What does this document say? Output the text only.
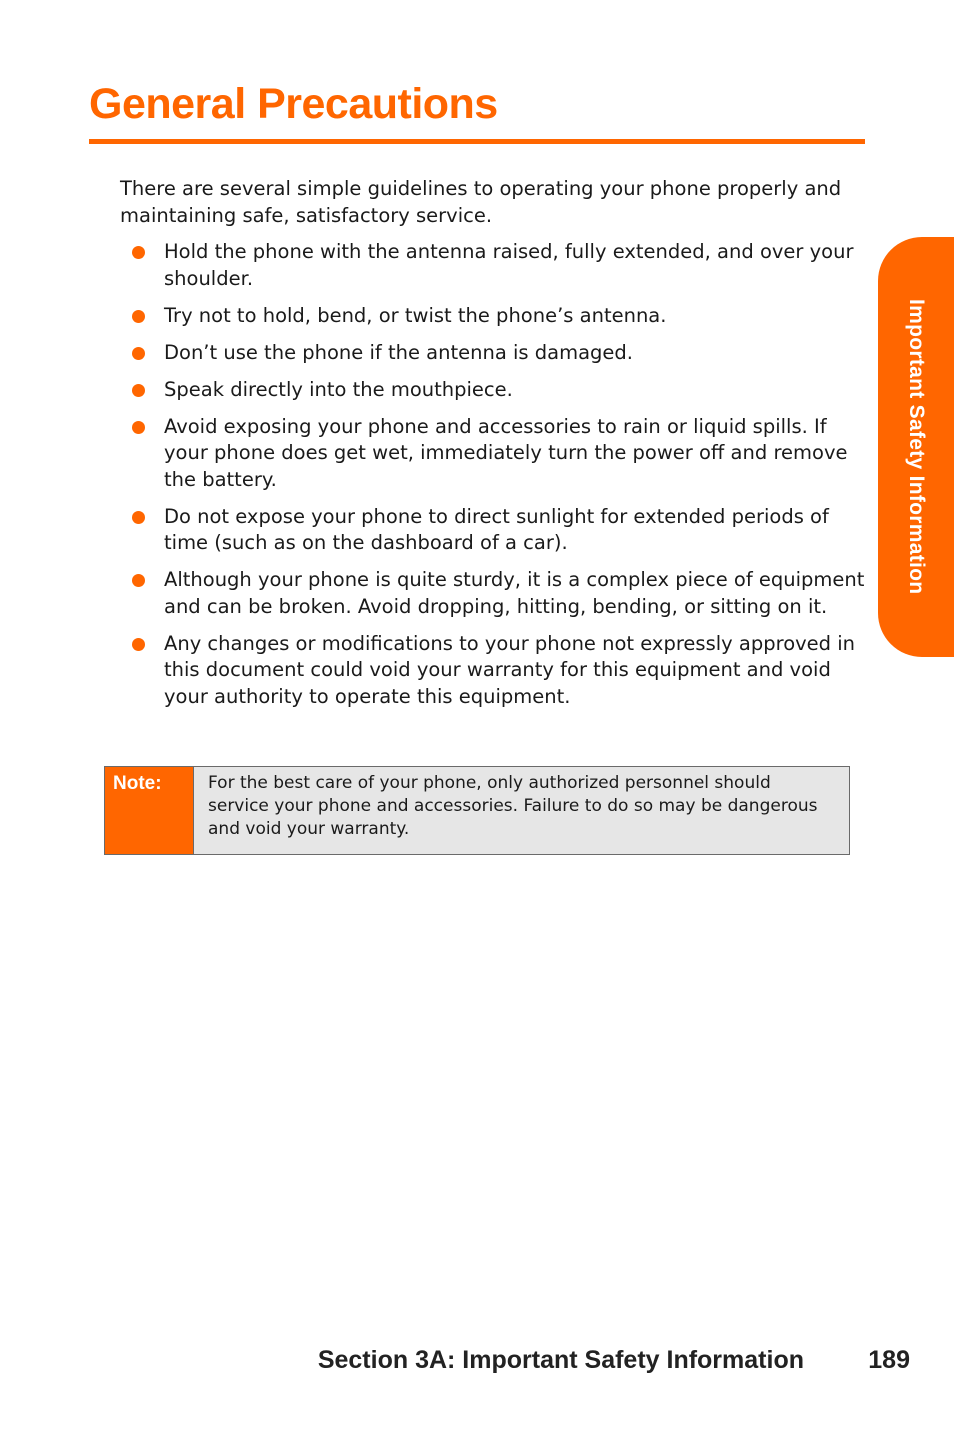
General Precautions

There are several simple guidelines to operating your phone properly and maintaining safe, satisfactory service.

Hold the phone with the antenna raised, fully extended, and over your shoulder.
Try not to hold, bend, or twist the phone’s antenna.
Don’t use the phone if the antenna is damaged.
Speak directly into the mouthpiece.
Avoid exposing your phone and accessories to rain or liquid spills. If your phone does get wet, immediately turn the power off and remove the battery.
Do not expose your phone to direct sunlight for extended periods of time (such as on the dashboard of a car).
Although your phone is quite sturdy, it is a complex piece of equipment and can be broken. Avoid dropping, hitting, bending, or sitting on it.
Any changes or modifications to your phone not expressly approved in this document could void your warranty for this equipment and void your authority to operate this equipment.
Important Safety Information
Note:	For the best care of your phone, only authorized personnel should service your phone and accessories. Failure to do so may be dangerous and void your warranty.
Section 3A: Important Safety Information	189
